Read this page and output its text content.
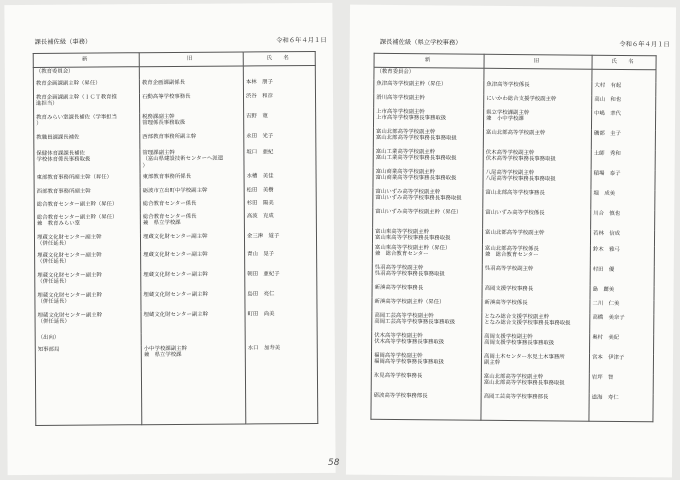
課長補佐級（事務）	令和６年４月１日
新	旧	氏　名

（教育委員会）		

教育企画課副主幹（昇任）	教育企画課副係長	本林　朋子

教育企画課副主幹（ＩＣＴ教育推
進担当）	石動高等学校事務長	渋谷　和彦

教育みらい室課長補佐（学事担当
）	税務課副主幹
管理係長事務取扱	吉野　寛

教職員課課長補佐	西部教育事務所副主幹	永田　光子

保健体育課課長補佐
学校体育係長事務取扱	管理課副主幹
（富山県建設技術センターへ派遣
）	坂口　亜紀

東部教育事務所副主幹（昇任）	東部教育事務所係長	水槽　美佳

西部教育事務所副主幹	砺波市立出町中学校副主幹	松田　美樹

総合教育センター副主幹（昇任）	総合教育センター係長	杉田　陽美

総合教育センター副主幹（昇任）
兼　教育みらい室	総合教育センター係長
兼　県立学校課	高波　克成

埋蔵文化財センター副主幹
（併任延長）	埋蔵文化財センター副主幹	金三津　道子

埋蔵文化財センター副主幹
（併任延長）	埋蔵文化財センター副主幹	青山　晃子

埋蔵文化財センター副主幹
（併任延長）	埋蔵文化財センター副主幹	朝田　亜紀子

埋蔵文化財センター副主幹
（併任延長）	埋蔵文化財センター副主幹	島田　亮仁

埋蔵文化財センター副主幹
（併任延長）	埋蔵文化財センター副主幹	町田　尚美

（出向）		

知事部局	小中学校課副主幹
兼　県立学校課	水口　加寿美
課長補佐級（県立学校事務）	令和６年４月１日
新	旧	氏　名

（教育委員会）		

魚津高等学校副主幹（昇任）	魚津高等学校係長	大村　有起

滑川高等学校副主幹	にいかわ総合支援学校副主幹	高山　和也

上市高等学校副主幹
上市高等学校事務長事務取扱	県立学校課副主幹
兼　小中学校課	中嶋　幸代

富山北部高等学校副主幹
富山北部高等学校事務長事務取扱	富山北部高等学校副主幹	磯部　圭子

富山工業高等学校副主幹
富山工業高等学校事務長事務取扱	伏木高等学校副主幹
伏木高等学校事務長事務取扱	土師　秀和

富山商業高等学校副主幹
富山商業高等学校事務長事務取扱	八尾高等学校副主幹
八尾高等学校事務長事務取扱	稲場　泰子

富山いずみ高等学校副主幹
富山いずみ高等学校事務長事務取扱	富山北部高等学校事務長	堀　成美

富山いずみ高等学校副主幹（昇任）	富山いずみ高等学校係長	川合　慎也

富山東高等学校副主幹
富山東高等学校事務長事務取扱	富山北部高等学校副主幹	若林　信成

富山東高等学校副主幹（昇任）
兼　総合教育センター	富山北部高等学校係長
兼　総合教育センター	鈴木　雅弓

呉羽高等学校副主幹
呉羽高等学校事務長事務取扱	呉羽高等学校副主幹	村田　優

新湊高等学校事務長	高岡支援学校事務長	島　麗美

新湊高等学校副主幹（昇任）	新湊高等学校係長	二川　仁美

高岡工芸高等学校副主幹
高岡工芸高等学校事務長事務取扱	となみ総合支援学校副主幹
となみ総合支援学校事務長事務取扱	高橋　美奈子

伏木高等学校副主幹
伏木高等学校事務長事務取扱	高岡支援学校副主幹
高岡支援学校事務長事務取扱	奥村　美紀

福岡高等学校副主幹
福岡高等学校事務長事務取扱	高岡土木センター氷見土木事務所
副主幹	宮本　伊津子

氷見高等学校事務長	富山北部高等学校副主幹
富山北部高等学校事務長事務取扱	岩坪　智

砺波高等学校事務部長	高岡工芸高等学校事務部長	道海　寿仁
58
